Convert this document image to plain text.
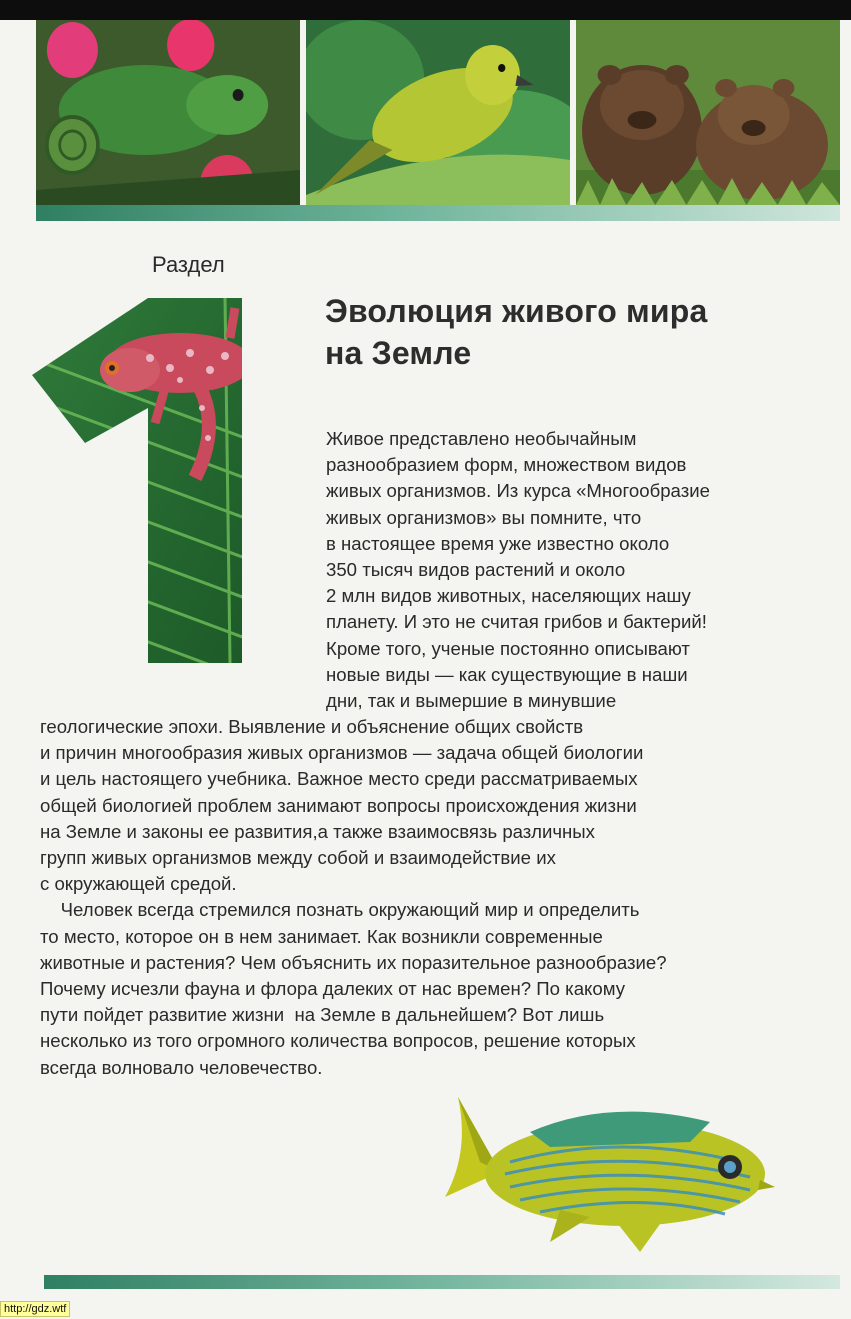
Раздел
Эволюция живого мира
на Земле
Живое представлено необычайным
разнообразием форм, множеством видов
живых организмов. Из курса «Многообразие
живых организмов» вы помните, что
в настоящее время уже известно около
350 тысяч видов растений и около
2 млн видов животных, населяющих нашу
планету. И это не считая грибов и бактерий!
Кроме того, ученые постоянно описывают
новые виды — как существующие в наши
дни, так и вымершие в минувшие
геологические эпохи. Выявление и объяснение общих свойств
и причин многообразия живых организмов — задача общей биологии
и цель настоящего учебника. Важное место среди рассматриваемых
общей биологией проблем занимают вопросы происхождения жизни
на Земле и законы ее развития,а также взаимосвязь различных
групп живых организмов между собой и взаимодействие их
с окружающей средой.
Человек всегда стремился познать окружающий мир и определить
то место, которое он в нем занимает. Как возникли современные
животные и растения? Чем объяснить их поразительное разнообразие?
Почему исчезли фауна и флора далеких от нас времен? По какому
пути пойдет развитие жизни  на Земле в дальнейшем? Вот лишь
несколько из того огромного количества вопросов, решение которых
всегда волновало человечество.
http://gdz.wtf
